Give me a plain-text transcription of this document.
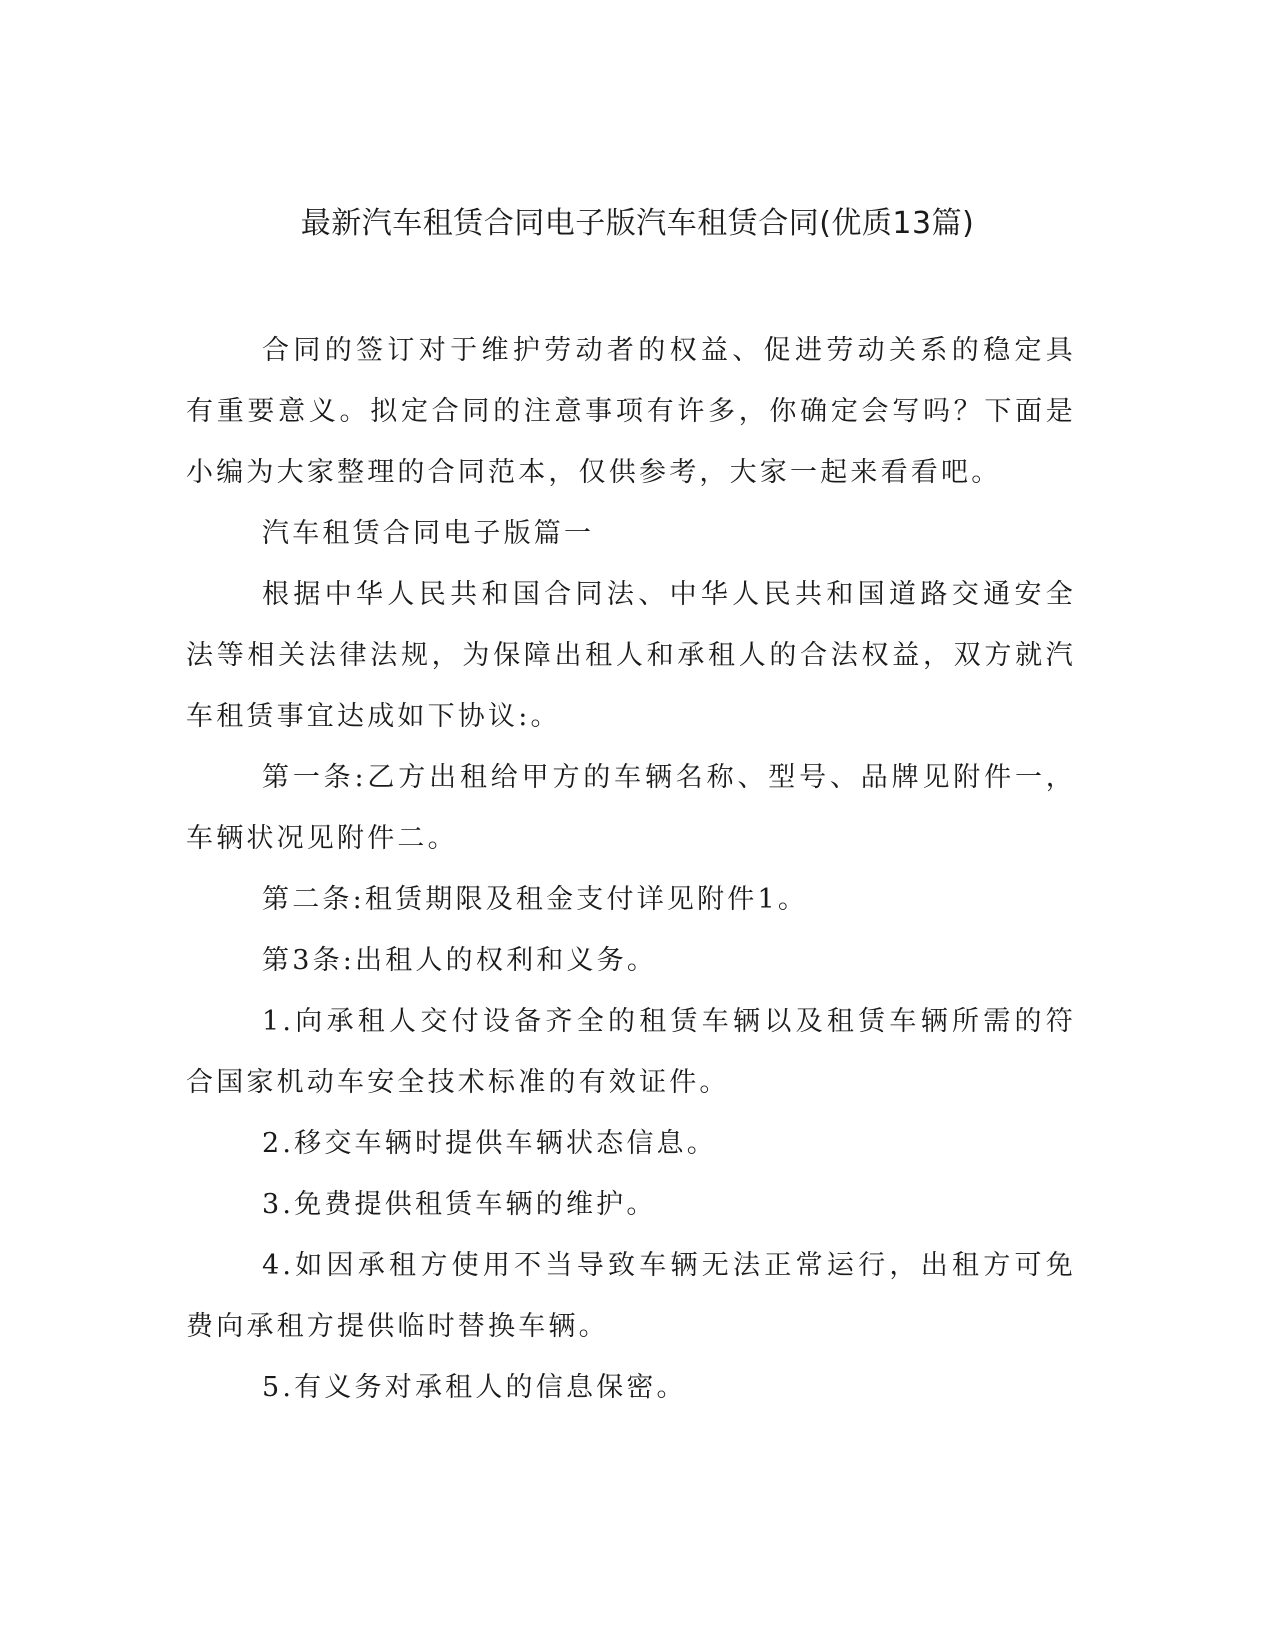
最新汽车租赁合同电子版汽车租赁合同(优质13篇)

合同的签订对于维护劳动者的权益、促进劳动关系的稳定具有重要意义。拟定合同的注意事项有许多，你确定会写吗？下面是小编为大家整理的合同范本，仅供参考，大家一起来看看吧。

汽车租赁合同电子版篇一

根据中华人民共和国合同法、中华人民共和国道路交通安全法等相关法律法规，为保障出租人和承租人的合法权益，双方就汽车租赁事宜达成如下协议:。

第一条:乙方出租给甲方的车辆名称、型号、品牌见附件一，车辆状况见附件二。

第二条:租赁期限及租金支付详见附件1。

第3条:出租人的权利和义务。

1.向承租人交付设备齐全的租赁车辆以及租赁车辆所需的符合国家机动车安全技术标准的有效证件。

2.移交车辆时提供车辆状态信息。

3.免费提供租赁车辆的维护。

4.如因承租方使用不当导致车辆无法正常运行，出租方可免费向承租方提供临时替换车辆。

5.有义务对承租人的信息保密。
